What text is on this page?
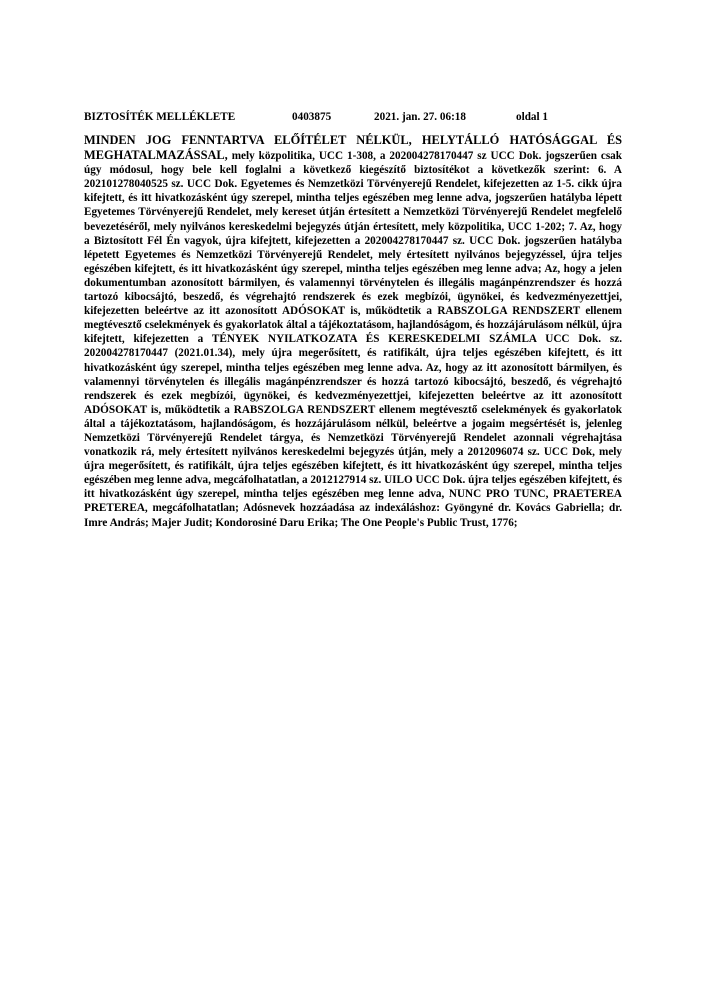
BIZTOSÍTÉK MELLÉKLETE	0403875	2021. jan. 27. 06:18	oldal 1

MINDEN JOG FENNTARTVA ELŐÍTÉLET NÉLKÜL, HELYTÁLLÓ HATÓSÁGGAL ÉS MEGHATALMAZÁSSAL, mely közpolitika, UCC 1-308, a 202004278170447 sz UCC Dok. jogszerűen csak úgy módosul, hogy bele kell foglalni a következő kiegészítő biztosítékot a következők szerint: 6. A 202101278040525 sz. UCC Dok. Egyetemes és Nemzetközi Törvényerejű Rendelet, kifejezetten az 1-5. cikk újra kifejtett, és itt hivatkozásként úgy szerepel, mintha teljes egészében meg lenne adva, jogszerűen hatályba lépett Egyetemes Törvényerejű Rendelet, mely kereset útján értesített a Nemzetközi Törvényerejű Rendelet megfelelő bevezetéséről, mely nyilvános kereskedelmi bejegyzés útján értesített, mely közpolitika, UCC 1-202; 7. Az, hogy a Biztosított Fél Én vagyok, újra kifejtett, kifejezetten a 202004278170447 sz. UCC Dok. jogszerűen hatályba lépetett Egyetemes és Nemzetközi Törvényerejű Rendelet, mely értesített nyilvános bejegyzéssel, újra teljes egészében kifejtett, és itt hivatkozásként úgy szerepel, mintha teljes egészében meg lenne adva; Az, hogy a jelen dokumentumban azonosított bármilyen, és valamennyi törvénytelen és illegális magánpénzrendszer és hozzá tartozó kibocsájtó, beszedő, és végrehajtó rendszerek és ezek megbízói, ügynökei, és kedvezményezettjei, kifejezetten beleértve az itt azonosított ADÓSOKAT is, működtetik a RABSZOLGA RENDSZERT ellenem megtévesztő cselekmények és gyakorlatok által a tájékoztatásom, hajlandóságom, és hozzájárulásom nélkül, újra kifejtett, kifejezetten a TÉNYEK NYILATKOZATA ÉS KERESKEDELMI SZÁMLA UCC Dok. sz. 202004278170447 (2021.01.34), mely újra megerősített, és ratifikált, újra teljes egészében kifejtett, és itt hivatkozásként úgy szerepel, mintha teljes egészében meg lenne adva. Az, hogy az itt azonosított bármilyen, és valamennyi törvénytelen és illegális magánpénzrendszer és hozzá tartozó kibocsájtó, beszedő, és végrehajtó rendszerek és ezek megbízói, ügynökei, és kedvezményezettjei, kifejezetten beleértve az itt azonosított ADÓSOKAT is, működtetik a RABSZOLGA RENDSZERT ellenem megtévesztő cselekmények és gyakorlatok által a tájékoztatásom, hajlandóságom, és hozzájárulásom nélkül, beleértve a jogaim megsértését is, jelenleg Nemzetközi Törvényerejű Rendelet tárgya, és Nemzetközi Törvényerejű Rendelet azonnali végrehajtása vonatkozik rá, mely értesített nyilvános kereskedelmi bejegyzés útján, mely a 2012096074 sz. UCC Dok, mely újra megerősített, és ratifikált, újra teljes egészében kifejtett, és itt hivatkozásként úgy szerepel, mintha teljes egészében meg lenne adva, megcáfolhatatlan, a 2012127914 sz. UILO UCC Dok. újra teljes egészében kifejtett, és itt hivatkozásként úgy szerepel, mintha teljes egészében meg lenne adva, NUNC PRO TUNC, PRAETEREA PRETEREA, megcáfolhatatlan; Adósnevek hozzáadása az indexáláshoz: Gyöngyné dr. Kovács Gabriella; dr. Imre András; Majer Judit; Kondorosiné Daru Erika; The One People's Public Trust, 1776;
